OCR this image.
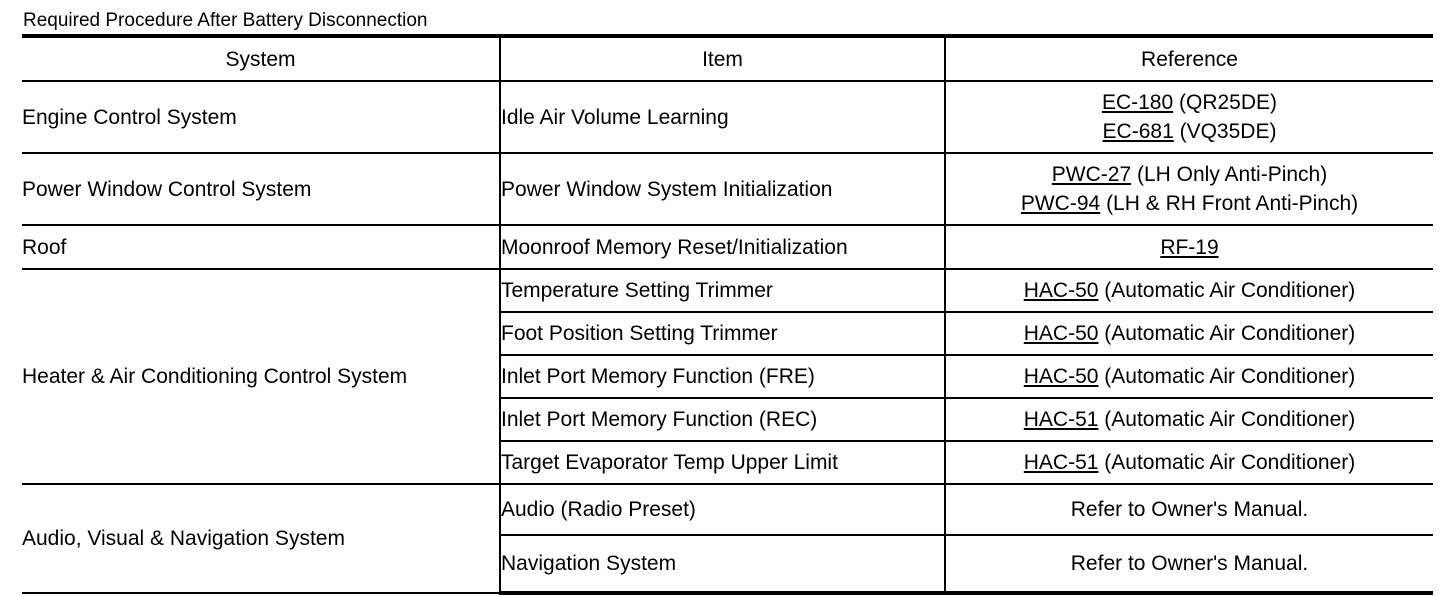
Required Procedure After Battery Disconnection
System	Item	Reference
Engine Control System	Idle Air Volume Learning	EC-180 (QR25DE)
EC-681 (VQ35DE)

Power Window Control System	Power Window System Initialization	PWC-27 (LH Only Anti-Pinch)
PWC-94 (LH & RH Front Anti-Pinch)

Roof	Moonroof Memory Reset/Initialization	RF-19

Heater & Air Conditioning Control System	Temperature Setting Trimmer	HAC-50 (Automatic Air Conditioner)

	Foot Position Setting Trimmer	HAC-50 (Automatic Air Conditioner)

	Inlet Port Memory Function (FRE)	HAC-50 (Automatic Air Conditioner)

	Inlet Port Memory Function (REC)	HAC-51 (Automatic Air Conditioner)

	Target Evaporator Temp Upper Limit	HAC-51 (Automatic Air Conditioner)

Audio, Visual & Navigation System	Audio (Radio Preset)	Refer to Owner's Manual.

	Navigation System	Refer to Owner's Manual.
